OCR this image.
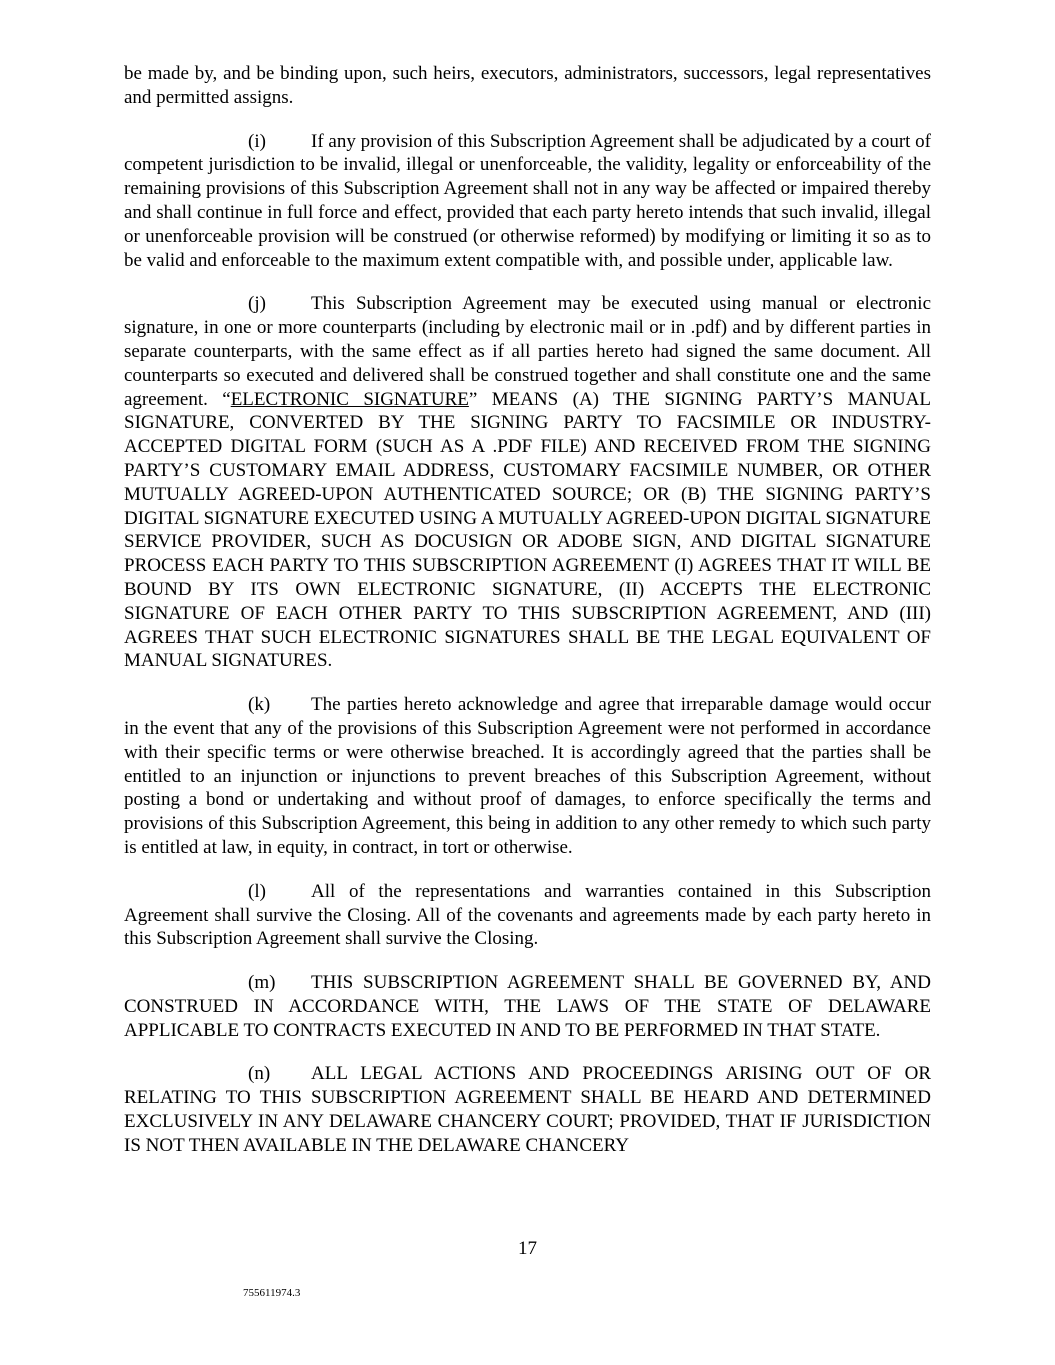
be made by, and be binding upon, such heirs, executors, administrators, successors, legal representatives and permitted assigns.

(i) If any provision of this Subscription Agreement shall be adjudicated by a court of competent jurisdiction to be invalid, illegal or unenforceable, the validity, legality or enforceability of the remaining provisions of this Subscription Agreement shall not in any way be affected or impaired thereby and shall continue in full force and effect, provided that each party hereto intends that such invalid, illegal or unenforceable provision will be construed (or otherwise reformed) by modifying or limiting it so as to be valid and enforceable to the maximum extent compatible with, and possible under, applicable law.

(j) This Subscription Agreement may be executed using manual or electronic signature, in one or more counterparts (including by electronic mail or in .pdf) and by different parties in separate counterparts, with the same effect as if all parties hereto had signed the same document. All counterparts so executed and delivered shall be construed together and shall constitute one and the same agreement. “ELECTRONIC SIGNATURE” MEANS (A) THE SIGNING PARTY’S MANUAL SIGNATURE, CONVERTED BY THE SIGNING PARTY TO FACSIMILE OR INDUSTRY-ACCEPTED DIGITAL FORM (SUCH AS A .PDF FILE) AND RECEIVED FROM THE SIGNING PARTY’S CUSTOMARY EMAIL ADDRESS, CUSTOMARY FACSIMILE NUMBER, OR OTHER MUTUALLY AGREED-UPON AUTHENTICATED SOURCE; OR (B) THE SIGNING PARTY’S DIGITAL SIGNATURE EXECUTED USING A MUTUALLY AGREED-UPON DIGITAL SIGNATURE SERVICE PROVIDER, SUCH AS DOCUSIGN OR ADOBE SIGN, AND DIGITAL SIGNATURE PROCESS EACH PARTY TO THIS SUBSCRIPTION AGREEMENT (I) AGREES THAT IT WILL BE BOUND BY ITS OWN ELECTRONIC SIGNATURE, (II) ACCEPTS THE ELECTRONIC SIGNATURE OF EACH OTHER PARTY TO THIS SUBSCRIPTION AGREEMENT, AND (III) AGREES THAT SUCH ELECTRONIC SIGNATURES SHALL BE THE LEGAL EQUIVALENT OF MANUAL SIGNATURES.

(k) The parties hereto acknowledge and agree that irreparable damage would occur in the event that any of the provisions of this Subscription Agreement were not performed in accordance with their specific terms or were otherwise breached. It is accordingly agreed that the parties shall be entitled to an injunction or injunctions to prevent breaches of this Subscription Agreement, without posting a bond or undertaking and without proof of damages, to enforce specifically the terms and provisions of this Subscription Agreement, this being in addition to any other remedy to which such party is entitled at law, in equity, in contract, in tort or otherwise.

(l) All of the representations and warranties contained in this Subscription Agreement shall survive the Closing. All of the covenants and agreements made by each party hereto in this Subscription Agreement shall survive the Closing.

(m) THIS SUBSCRIPTION AGREEMENT SHALL BE GOVERNED BY, AND CONSTRUED IN ACCORDANCE WITH, THE LAWS OF THE STATE OF DELAWARE APPLICABLE TO CONTRACTS EXECUTED IN AND TO BE PERFORMED IN THAT STATE.

(n) ALL LEGAL ACTIONS AND PROCEEDINGS ARISING OUT OF OR RELATING TO THIS SUBSCRIPTION AGREEMENT SHALL BE HEARD AND DETERMINED EXCLUSIVELY IN ANY DELAWARE CHANCERY COURT; PROVIDED, THAT IF JURISDICTION IS NOT THEN AVAILABLE IN THE DELAWARE CHANCERY

17
755611974.3
